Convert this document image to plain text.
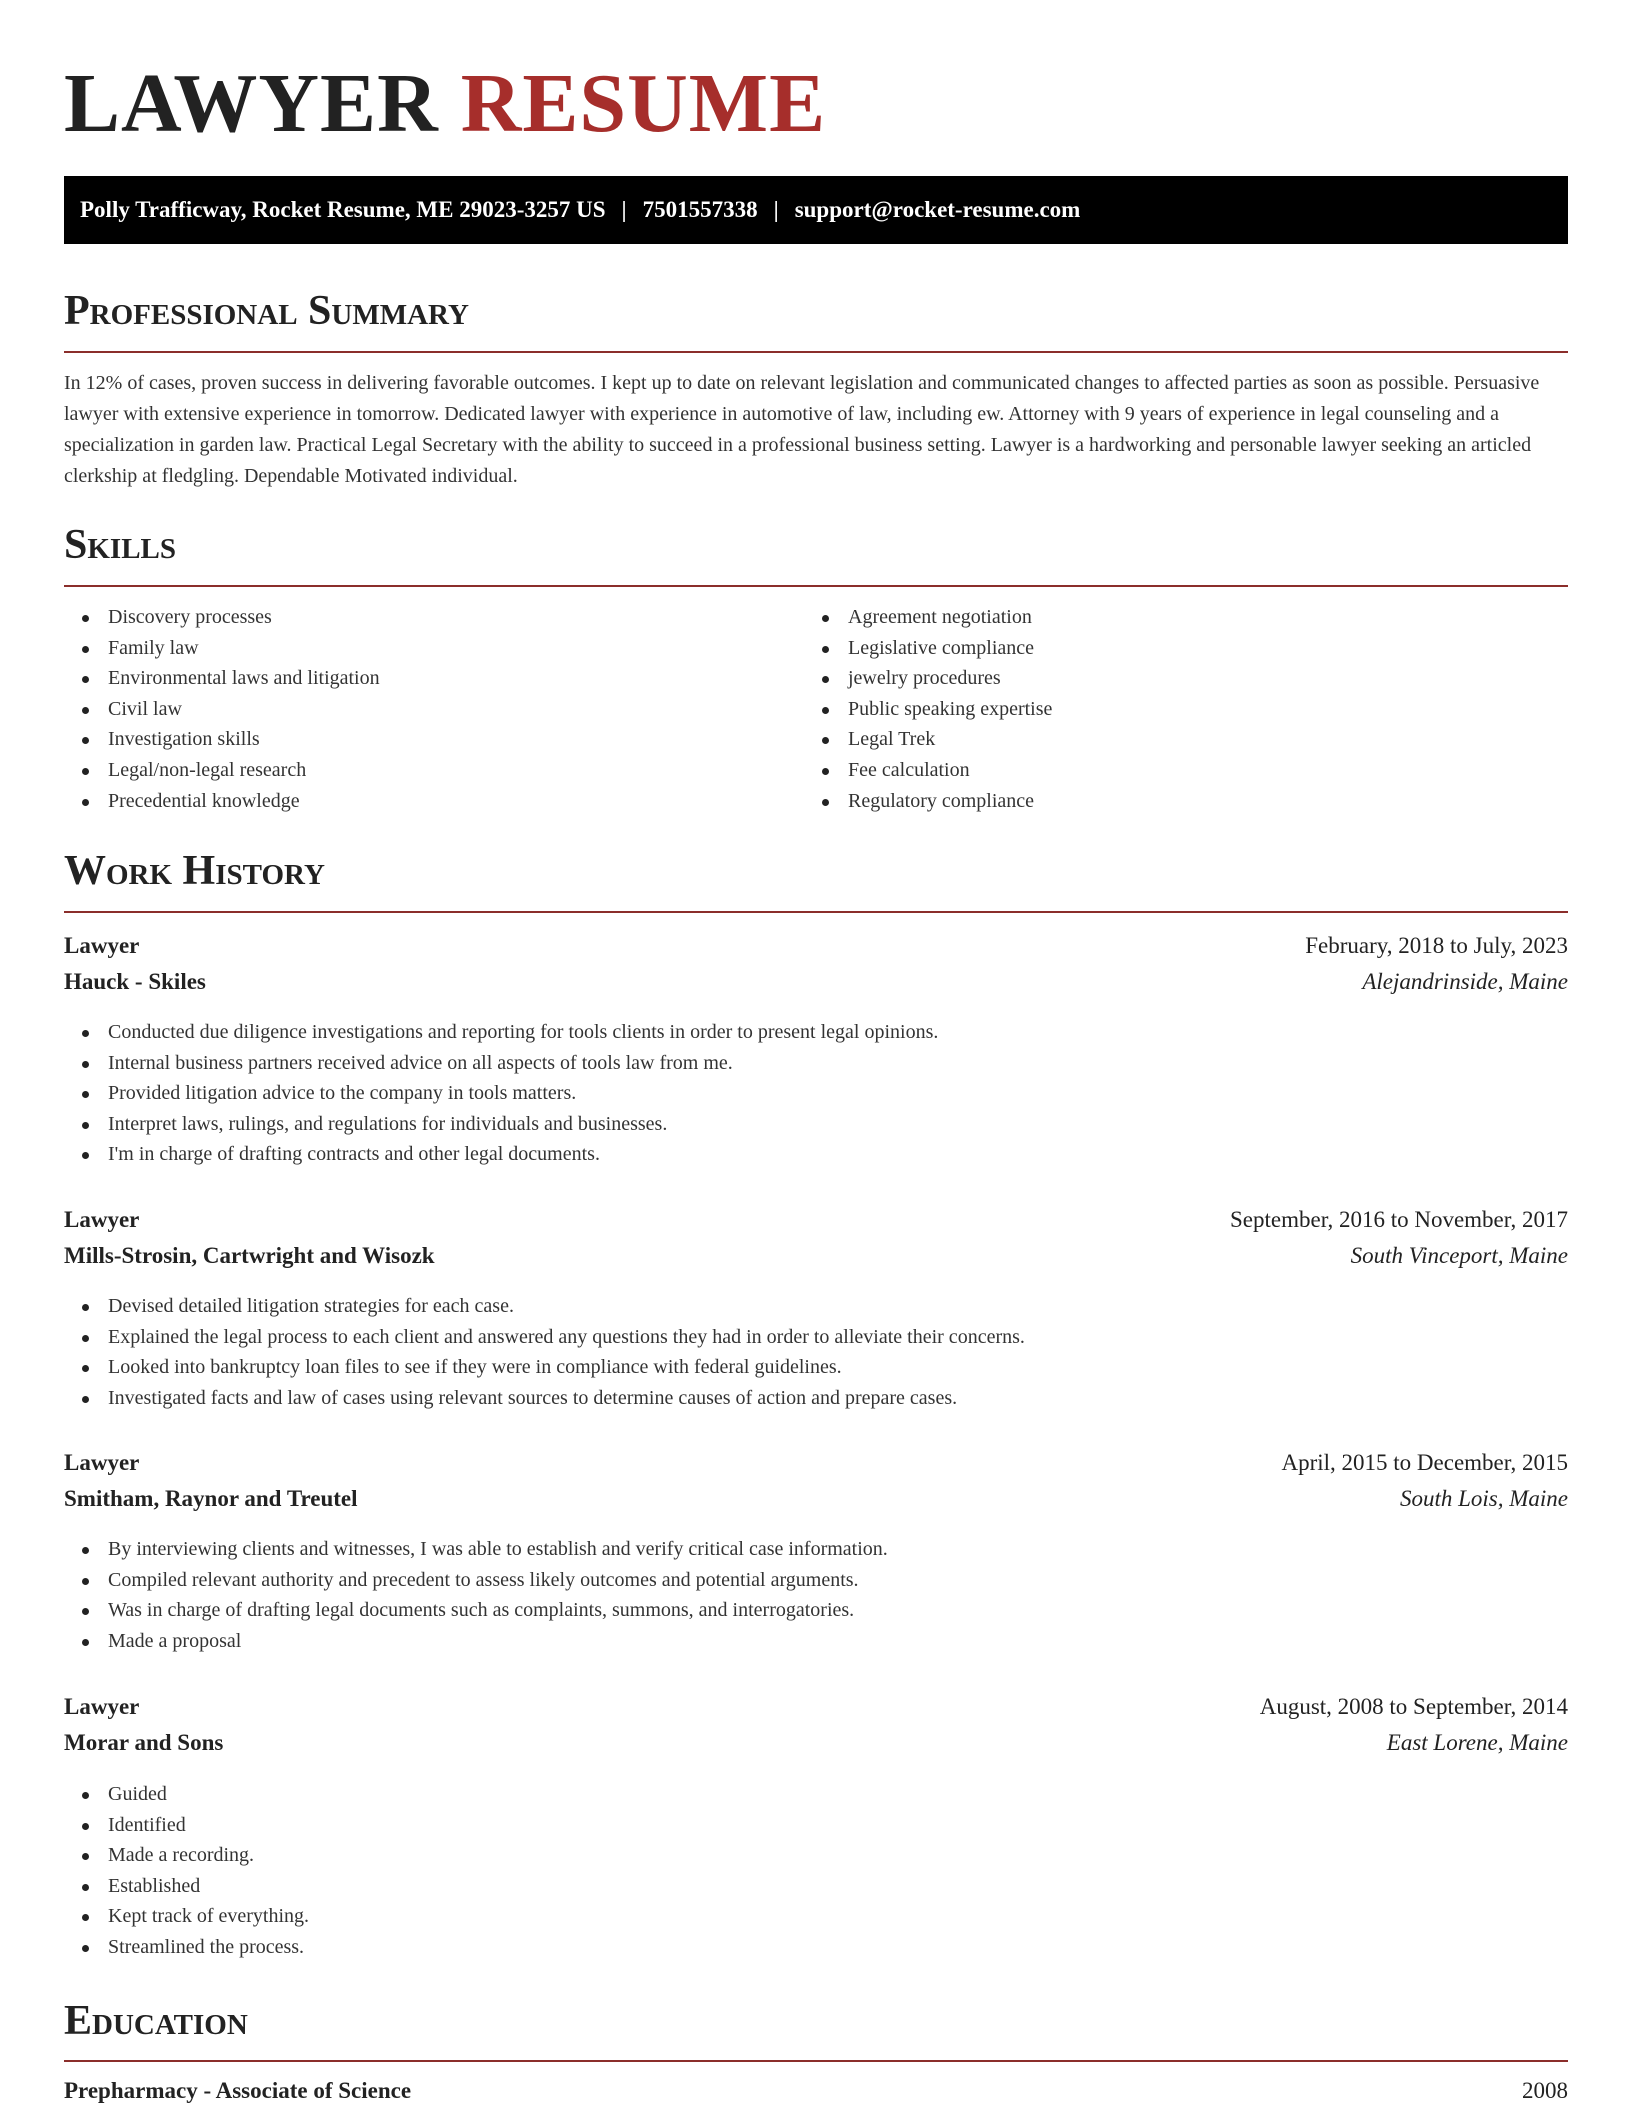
LAWYER RESUME
Polly Trafficway, Rocket Resume, ME 29023-3257 US | 7501557338 | support@rocket-resume.com
Professional Summary

In 12% of cases, proven success in delivering favorable outcomes. I kept up to date on relevant legislation and communicated changes to affected parties as soon as possible. Persuasive lawyer with extensive experience in tomorrow. Dedicated lawyer with experience in automotive of law, including ew. Attorney with 9 years of experience in legal counseling and a specialization in garden law. Practical Legal Secretary with the ability to succeed in a professional business setting. Lawyer is a hardworking and personable lawyer seeking an articled clerkship at fledgling. Dependable Motivated individual.

Skills
Discovery processes
Family law
Environmental laws and litigation
Civil law
Investigation skills
Legal/non-legal research
Precedential knowledge
Agreement negotiation
Legislative compliance
jewelry procedures
Public speaking expertise
Legal Trek
Fee calculation
Regulatory compliance
Work History
Lawyer	February, 2018 to July, 2023
Hauck - Skiles	Alejandrinside, Maine
Conducted due diligence investigations and reporting for tools clients in order to present legal opinions.
Internal business partners received advice on all aspects of tools law from me.
Provided litigation advice to the company in tools matters.
Interpret laws, rulings, and regulations for individuals and businesses.
I'm in charge of drafting contracts and other legal documents.
Lawyer	September, 2016 to November, 2017
Mills-Strosin, Cartwright and Wisozk	South Vinceport, Maine
Devised detailed litigation strategies for each case.
Explained the legal process to each client and answered any questions they had in order to alleviate their concerns.
Looked into bankruptcy loan files to see if they were in compliance with federal guidelines.
Investigated facts and law of cases using relevant sources to determine causes of action and prepare cases.
Lawyer	April, 2015 to December, 2015
Smitham, Raynor and Treutel	South Lois, Maine
By interviewing clients and witnesses, I was able to establish and verify critical case information.
Compiled relevant authority and precedent to assess likely outcomes and potential arguments.
Was in charge of drafting legal documents such as complaints, summons, and interrogatories.
Made a proposal
Lawyer	August, 2008 to September, 2014
Morar and Sons	East Lorene, Maine
Guided
Identified
Made a recording.
Established
Kept track of everything.
Streamlined the process.
Education
Prepharmacy - Associate of Science	2008
